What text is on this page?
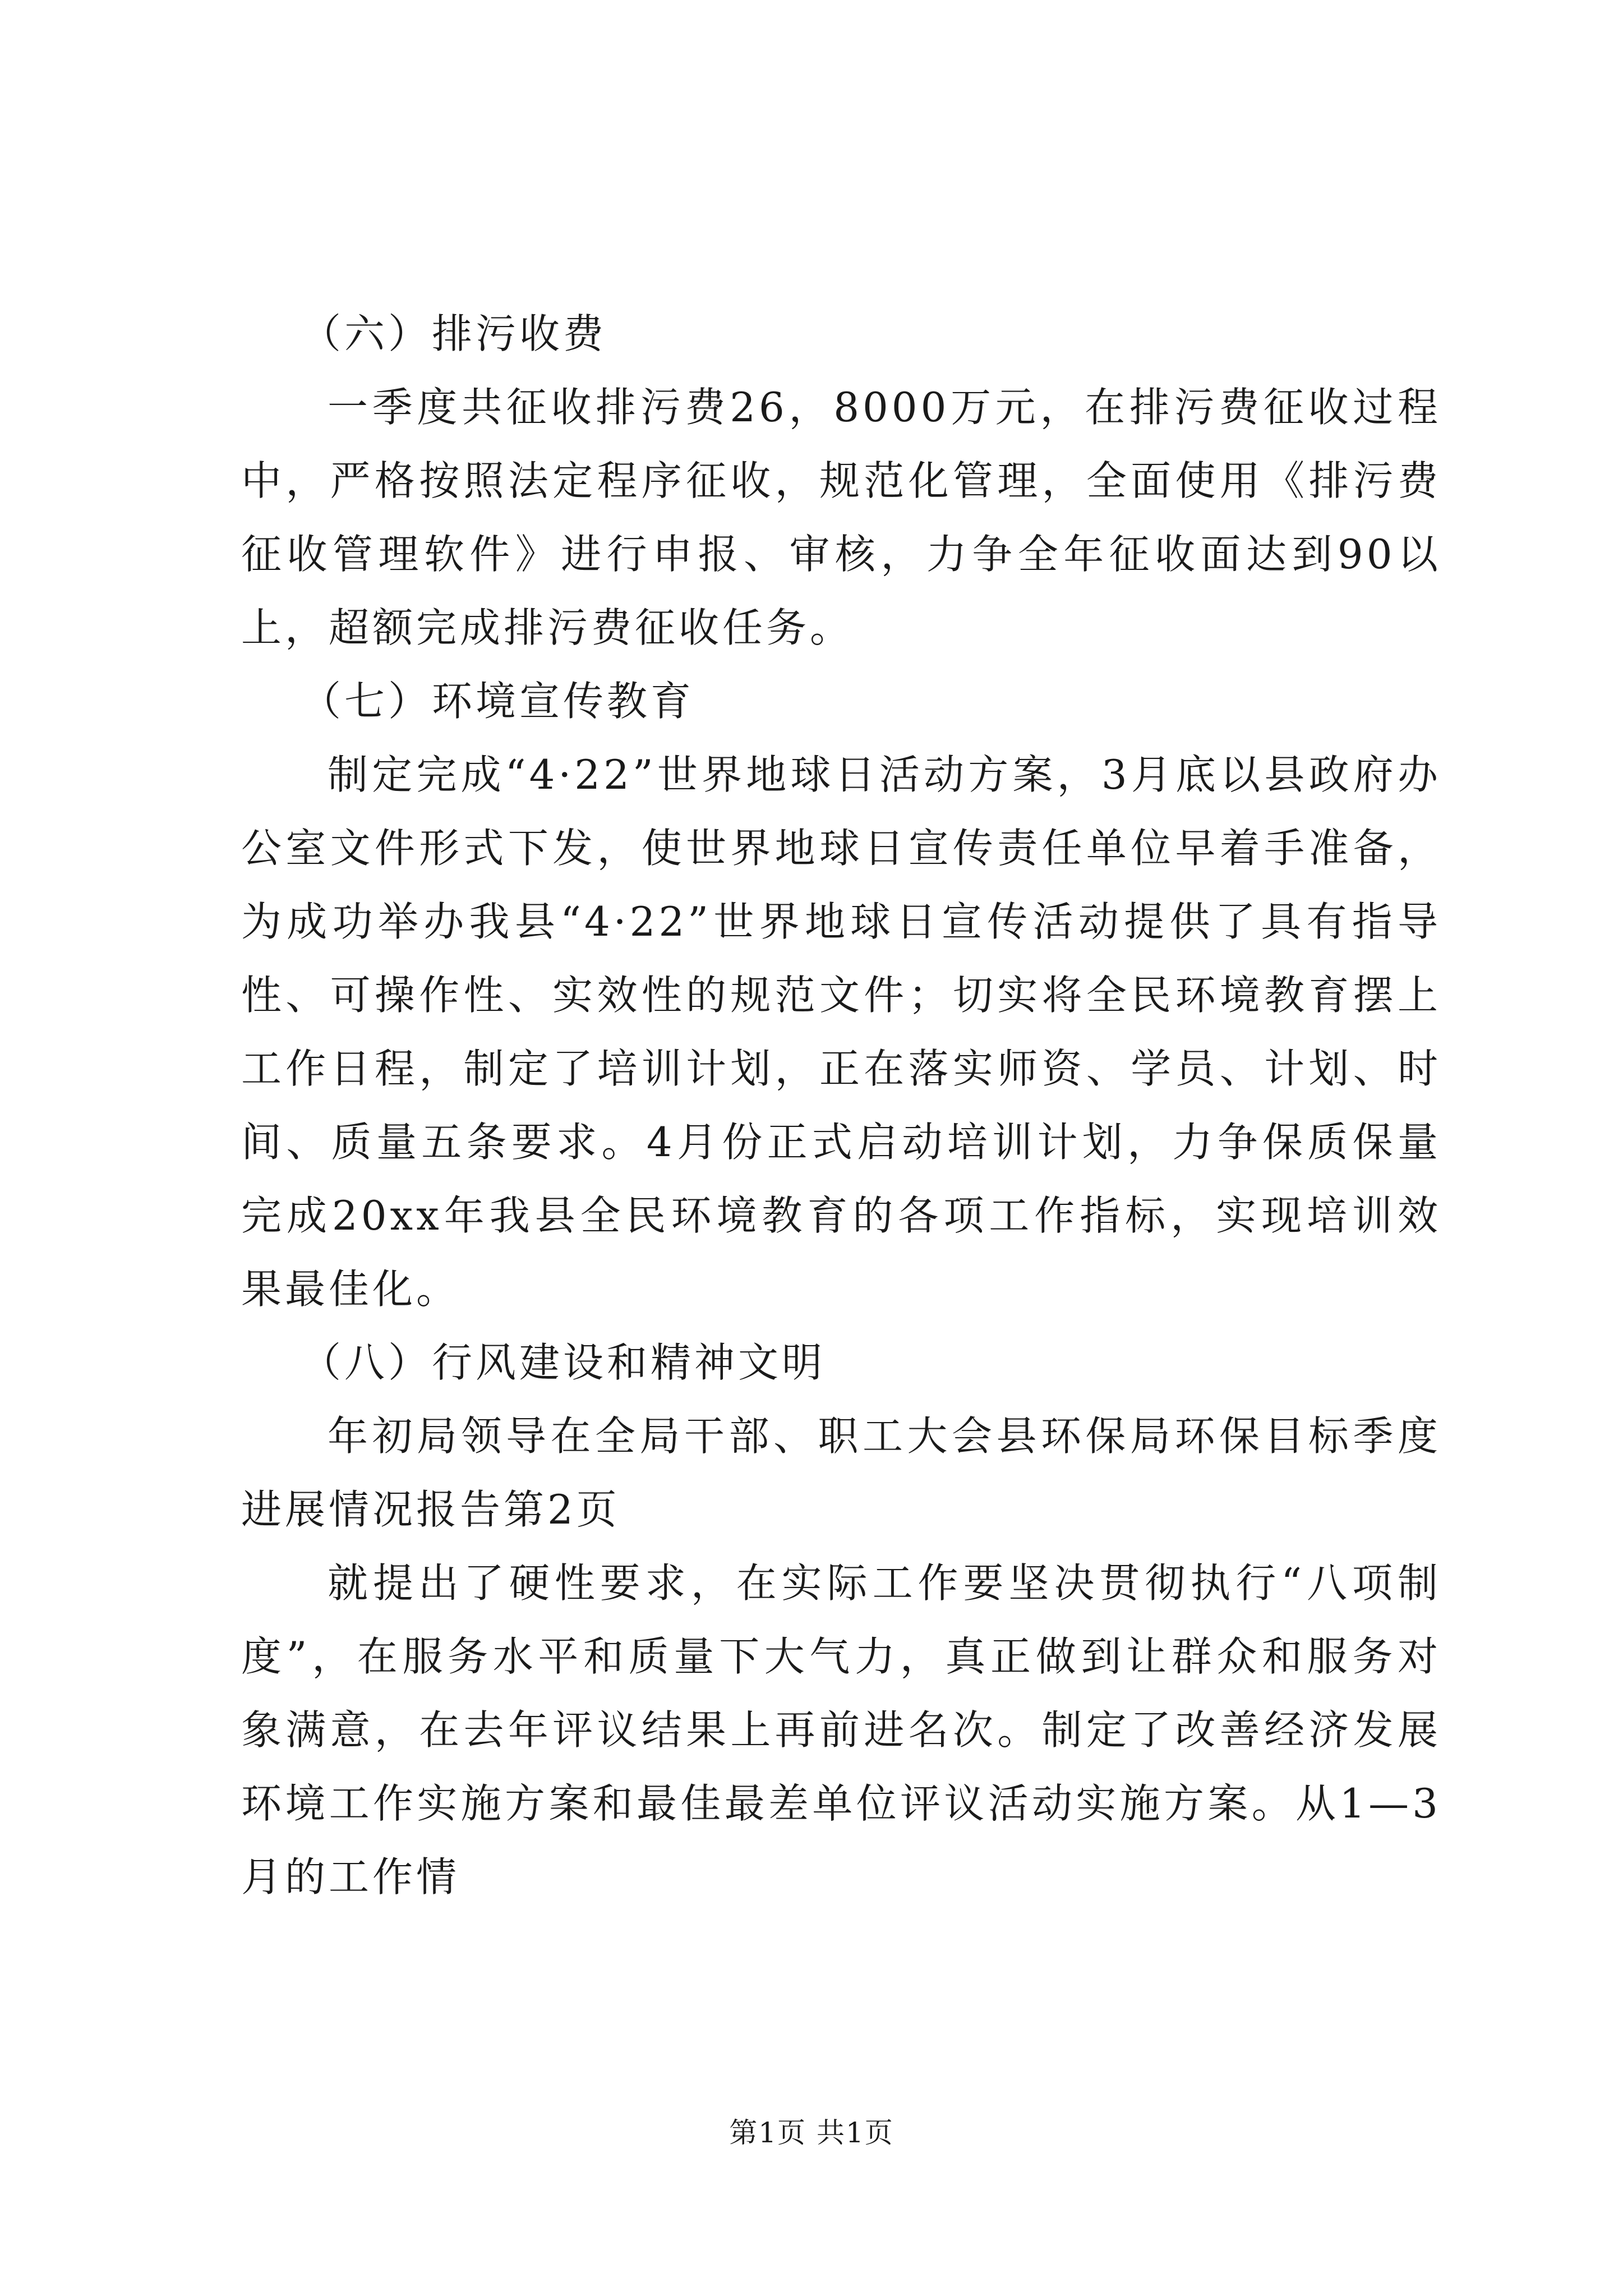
（六）排污收费

一季度共征收排污费26，8000万元，在排污费征收过程中，严格按照法定程序征收，规范化管理，全面使用《排污费征收管理软件》进行申报、审核，力争全年征收面达到90以上，超额完成排污费征收任务。

（七）环境宣传教育

制定完成“4·22”世界地球日活动方案，3月底以县政府办公室文件形式下发，使世界地球日宣传责任单位早着手准备，为成功举办我县“4·22”世界地球日宣传活动提供了具有指导性、可操作性、实效性的规范文件；切实将全民环境教育摆上工作日程，制定了培训计划，正在落实师资、学员、计划、时间、质量五条要求。4月份正式启动培训计划，力争保质保量完成20xx年我县全民环境教育的各项工作指标，实现培训效果最佳化。

（八）行风建设和精神文明

年初局领导在全局干部、职工大会县环保局环保目标季度进展情况报告第2页

就提出了硬性要求，在实际工作要坚决贯彻执行“八项制度”，在服务水平和质量下大气力，真正做到让群众和服务对象满意，在去年评议结果上再前进名次。制定了改善经济发展环境工作实施方案和最佳最差单位评议活动实施方案。从1—3月的工作情

第1页 共1页
